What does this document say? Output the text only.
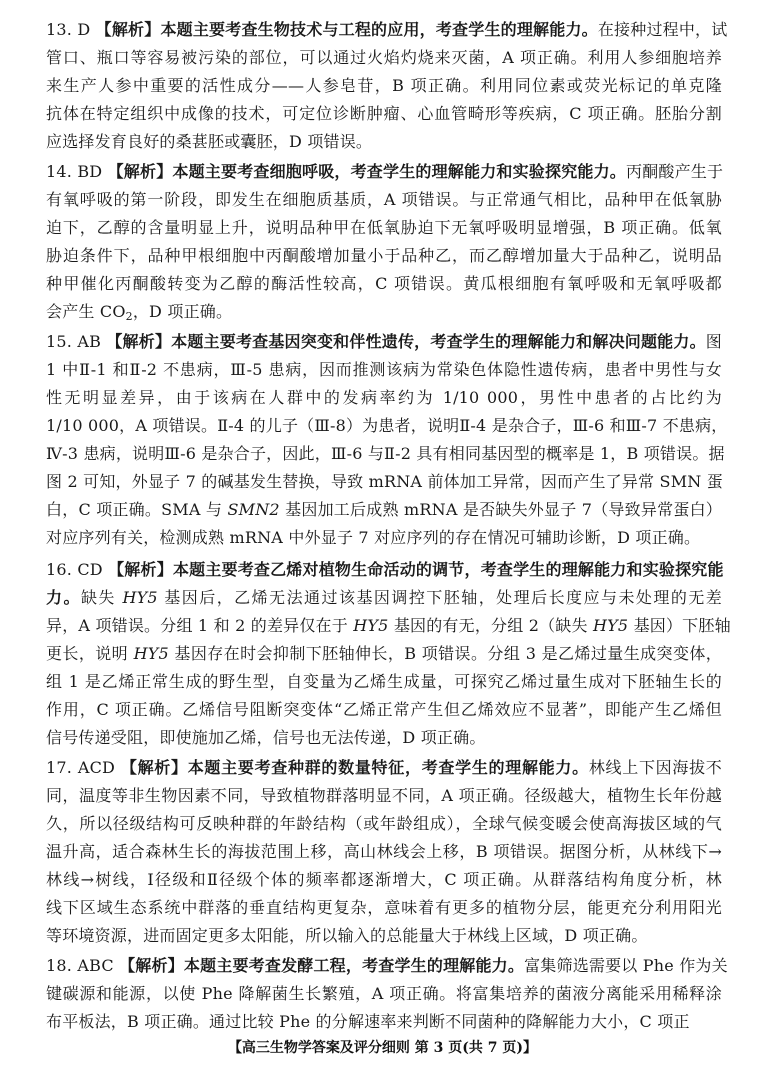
13. D 【解析】本题主要考查生物技术与工程的应用，考查学生的理解能力。在接种过程中，试
管口、瓶口等容易被污染的部位，可以通过火焰灼烧来灭菌，A 项正确。利用人参细胞培养
来生产人参中重要的活性成分——人参皂苷，B 项正确。利用同位素或荧光标记的单克隆
抗体在特定组织中成像的技术，可定位诊断肿瘤、心血管畸形等疾病，C 项正确。胚胎分割
应选择发育良好的桑葚胚或囊胚，D 项错误。
14. BD 【解析】本题主要考查细胞呼吸，考查学生的理解能力和实验探究能力。丙酮酸产生于
有氧呼吸的第一阶段，即发生在细胞质基质，A 项错误。与正常通气相比，品种甲在低氧胁
迫下，乙醇的含量明显上升，说明品种甲在低氧胁迫下无氧呼吸明显增强，B 项正确。低氧
胁迫条件下，品种甲根细胞中丙酮酸增加量小于品种乙，而乙醇增加量大于品种乙，说明品
种甲催化丙酮酸转变为乙醇的酶活性较高，C 项错误。黄瓜根细胞有氧呼吸和无氧呼吸都
会产生 $CO_2$，D 项正确。
15. AB 【解析】本题主要考查基因突变和伴性遗传，考查学生的理解能力和解决问题能力。图
1 中Ⅱ-1 和Ⅱ-2 不患病，Ⅲ-5 患病，因而推测该病为常染色体隐性遗传病，患者中男性与女
性无明显差异，由于该病在人群中的发病率约为 1/10 000，男性中患者的占比约为
1/10 000，A 项错误。Ⅱ-4 的儿子（Ⅲ-8）为患者，说明Ⅱ-4 是杂合子，Ⅲ-6 和Ⅲ-7 不患病，
Ⅳ-3 患病，说明Ⅲ-6 是杂合子，因此，Ⅲ-6 与Ⅱ-2 具有相同基因型的概率是 1，B 项错误。据
图 2 可知，外显子 7 的碱基发生替换，导致 mRNA 前体加工异常，因而产生了异常 SMN 蛋
白，C 项正确。SMA 与 SMN2 基因加工后成熟 mRNA 是否缺失外显子 7（导致异常蛋白）
对应序列有关，检测成熟 mRNA 中外显子 7 对应序列的存在情况可辅助诊断，D 项正确。
16. CD 【解析】本题主要考查乙烯对植物生命活动的调节，考查学生的理解能力和实验探究能
力。缺失 HY5 基因后，乙烯无法通过该基因调控下胚轴，处理后长度应与未处理的无差
异，A 项错误。分组 1 和 2 的差异仅在于 HY5 基因的有无，分组 2（缺失 HY5 基因）下胚轴
更长，说明 HY5 基因存在时会抑制下胚轴伸长，B 项错误。分组 3 是乙烯过量生成突变体，
组 1 是乙烯正常生成的野生型，自变量为乙烯生成量，可探究乙烯过量生成对下胚轴生长的
作用，C 项正确。乙烯信号阻断突变体“乙烯正常产生但乙烯效应不显著”，即能产生乙烯但
信号传递受阻，即使施加乙烯，信号也无法传递，D 项正确。
17. ACD 【解析】本题主要考查种群的数量特征，考查学生的理解能力。林线上下因海拔不
同，温度等非生物因素不同，导致植物群落明显不同，A 项正确。径级越大，植物生长年份越
久，所以径级结构可反映种群的年龄结构（或年龄组成），全球气候变暖会使高海拔区域的气
温升高，适合森林生长的海拔范围上移，高山林线会上移，B 项错误。据图分析，从林线下→
林线→树线，Ⅰ径级和Ⅱ径级个体的频率都逐渐增大，C 项正确。从群落结构角度分析，林
线下区域生态系统中群落的垂直结构更复杂，意味着有更多的植物分层，能更充分利用阳光
等环境资源，进而固定更多太阳能，所以输入的总能量大于林线上区域，D 项正确。
18. ABC 【解析】本题主要考查发酵工程，考查学生的理解能力。富集筛选需要以 Phe 作为关
键碳源和能源，以使 Phe 降解菌生长繁殖，A 项正确。将富集培养的菌液分离能采用稀释涂
布平板法，B 项正确。通过比较 Phe 的分解速率来判断不同菌种的降解能力大小，C 项正
【高三生物学答案及评分细则 第 3 页(共 7 页)】
